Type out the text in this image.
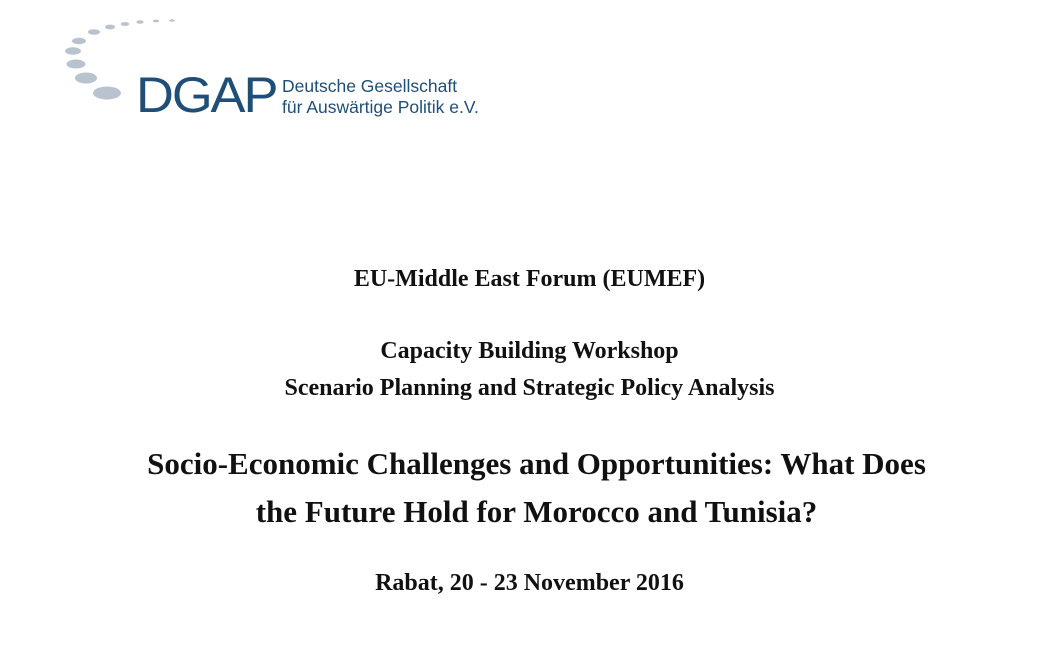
DGAP Deutsche Gesellschaft
für Auswärtige Politik e.V.
EU-Middle East Forum (EUMEF)
Capacity Building Workshop
Scenario Planning and Strategic Policy Analysis
Socio-Economic Challenges and Opportunities: What Does
the Future Hold for Morocco and Tunisia?
Rabat, 20 - 23 November 2016
